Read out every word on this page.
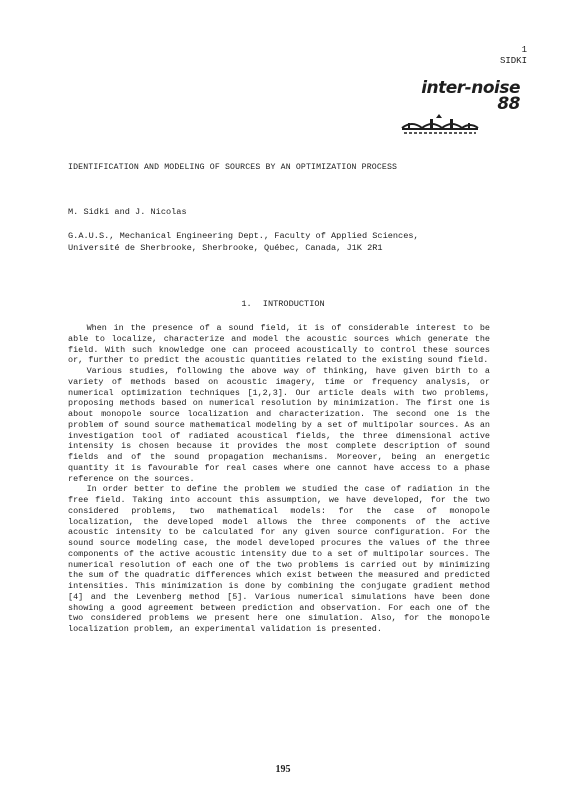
1
SIDKI
inter-noise
88
IDENTIFICATION AND MODELING OF SOURCES BY AN OPTIMIZATION PROCESS
M. Sidki and J. Nicolas
G.A.U.S., Mechanical Engineering Dept., Faculty of Applied Sciences,
Université de Sherbrooke, Sherbrooke, Québec, Canada, J1K 2R1
1. INTRODUCTION

When in the presence of a sound field, it is of considerable interest to be able to localize, characterize and model the acoustic sources which generate the field. With such knowledge one can proceed acoustically to control these sources or, further to predict the acoustic quantities related to the existing sound field.

Various studies, following the above way of thinking, have given birth to a variety of methods based on acoustic imagery, time or frequency analysis, or numerical optimization techniques [1,2,3]. Our article deals with two problems, proposing methods based on numerical resolution by minimization. The first one is about monopole source localization and characterization. The second one is the problem of sound source mathematical modeling by a set of multipolar sources. As an investigation tool of radiated acoustical fields, the three dimensional active intensity is chosen because it provides the most complete description of sound fields and of the sound propagation mechanisms. Moreover, being an energetic quantity it is favourable for real cases where one cannot have access to a phase reference on the sources.

In order better to define the problem we studied the case of radiation in the free field. Taking into account this assumption, we have developed, for the two considered problems, two mathematical models: for the case of monopole localization, the developed model allows the three components of the active acoustic intensity to be calculated for any given source configuration. For the sound source modeling case, the model developed procures the values of the three components of the active acoustic intensity due to a set of multipolar sources. The numerical resolution of each one of the two problems is carried out by minimizing the sum of the quadratic differences which exist between the measured and predicted intensities. This minimization is done by combining the conjugate gradient method [4] and the Levenberg method [5]. Various numerical simulations have been done showing a good agreement between prediction and observation. For each one of the two considered problems we present here one simulation. Also, for the monopole localization problem, an experimental validation is presented.

195
